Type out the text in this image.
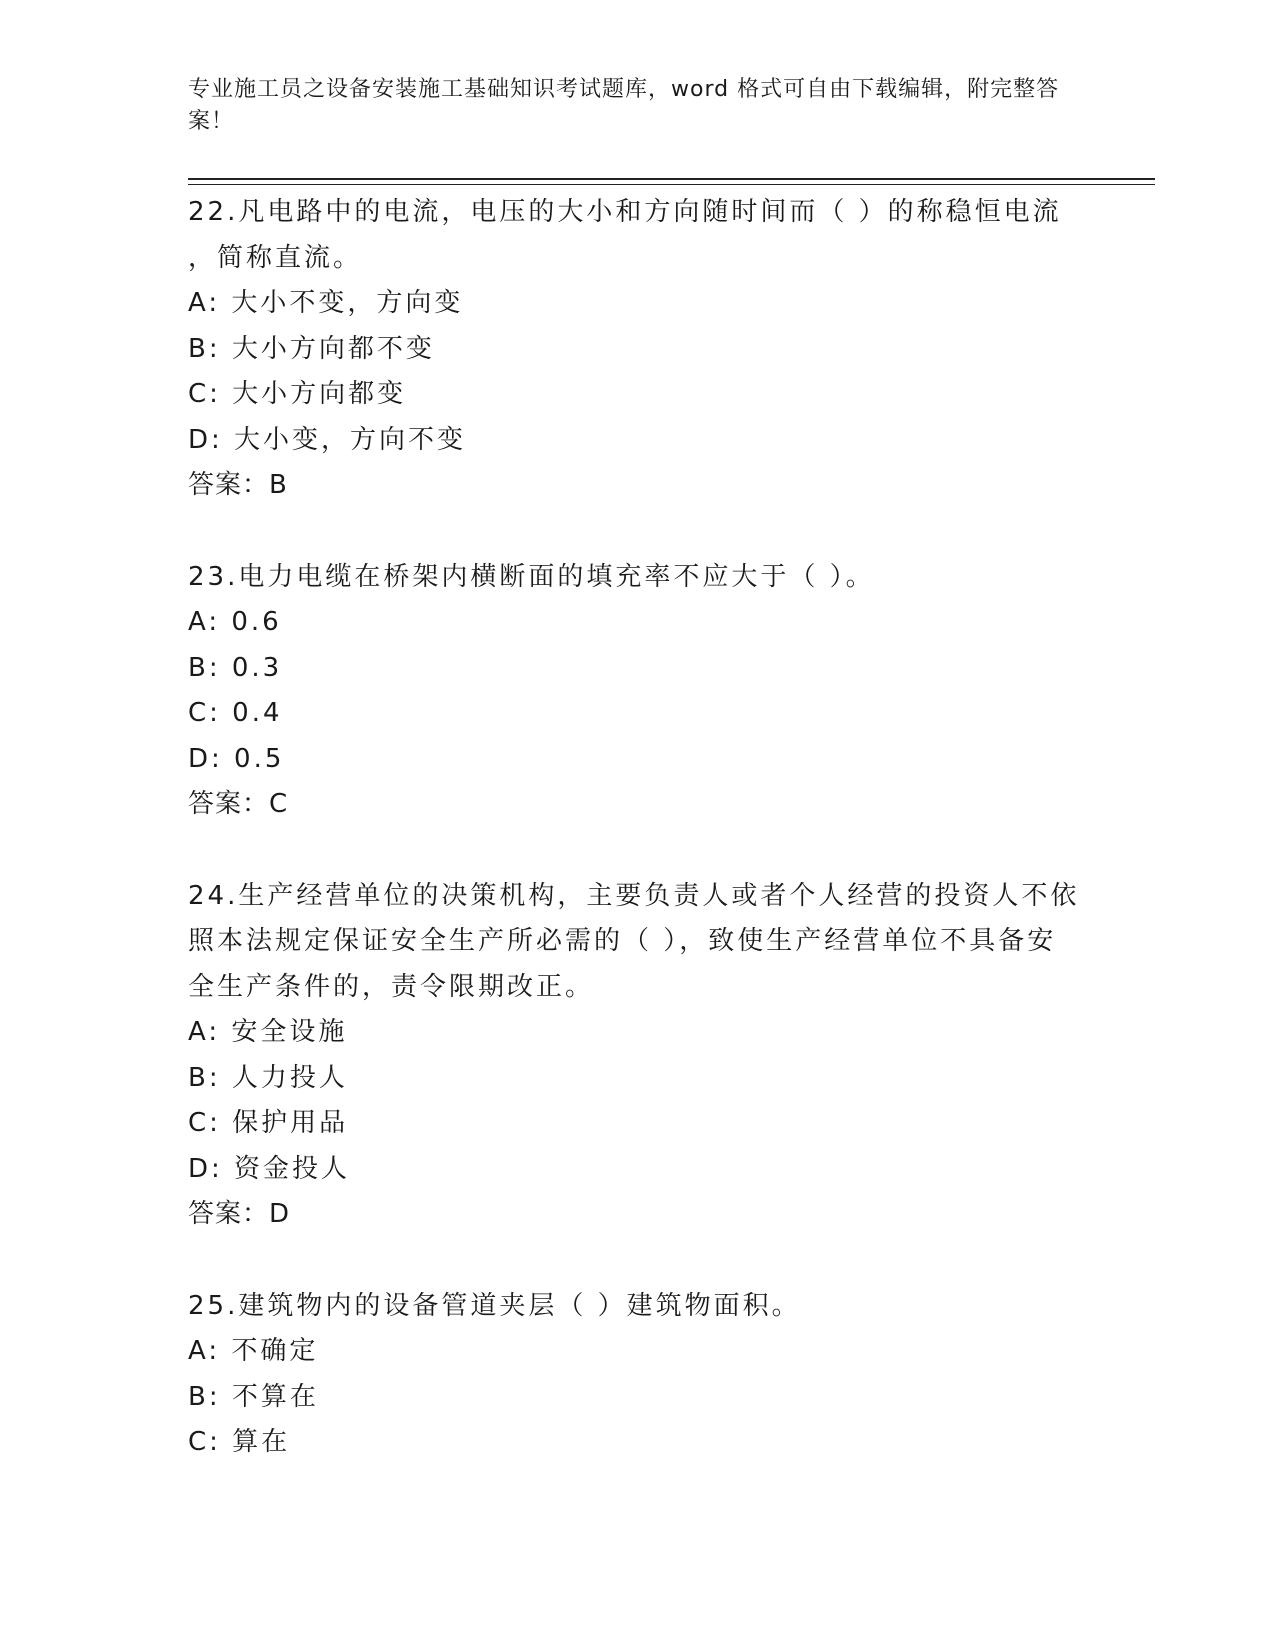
专业施工员之设备安装施工基础知识考试题库，word 格式可自由下载编辑，附完整答案！
22.凡电路中的电流，电压的大小和方向随时间而（ ）的称稳恒电流
，简称直流。
A: 大小不变，方向变
B: 大小方向都不变
C: 大小方向都变
D: 大小变，方向不变
答案：B
23.电力电缆在桥架内横断面的填充率不应大于（ ）。
A: 0.6
B: 0.3
C: 0.4
D: 0.5
答案：C
24.生产经营单位的决策机构，主要负责人或者个人经营的投资人不依
照本法规定保证安全生产所必需的（ ），致使生产经营单位不具备安
全生产条件的，责令限期改正。
A: 安全设施
B: 人力投人
C: 保护用品
D: 资金投人
答案：D
25.建筑物内的设备管道夹层（ ）建筑物面积。
A: 不确定
B: 不算在
C: 算在
